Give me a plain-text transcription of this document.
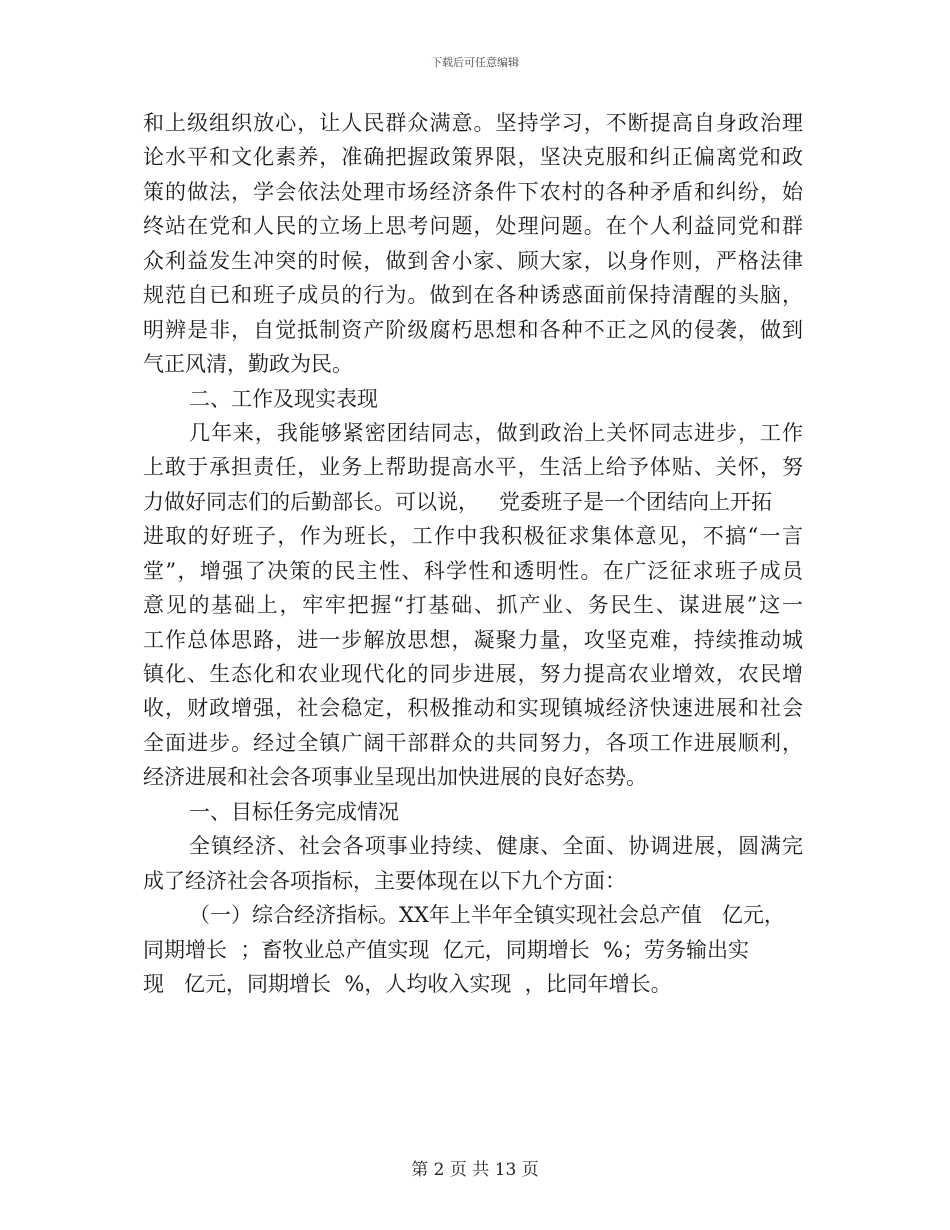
下载后可任意编辑
和上级组织放心，让人民群众满意。坚持学习，不断提高自身政治理
论水平和文化素养，准确把握政策界限，坚决克服和纠正偏离党和政
策的做法，学会依法处理市场经济条件下农村的各种矛盾和纠纷，始
终站在党和人民的立场上思考问题，处理问题。在个人利益同党和群
众利益发生冲突的时候，做到舍小家、顾大家，以身作则，严格法律
规范自已和班子成员的行为。做到在各种诱惑面前保持清醒的头脑，
明辨是非，自觉抵制资产阶级腐朽思想和各种不正之风的侵袭，做到
气正风清，勤政为民。
二、工作及现实表现
几年来，我能够紧密团结同志，做到政治上关怀同志进步，工作
上敢于承担责任，业务上帮助提高水平，生活上给予体贴、关怀，努
力做好同志们的后勤部长。可以说，   党委班子是一个团结向上开拓
进取的好班子，作为班长，工作中我积极征求集体意见，不搞“一言
堂”，增强了决策的民主性、科学性和透明性。在广泛征求班子成员
意见的基础上，牢牢把握“打基础、抓产业、务民生、谋进展”这一
工作总体思路，进一步解放思想，凝聚力量，攻坚克难，持续推动城
镇化、生态化和农业现代化的同步进展，努力提高农业增效，农民增
收，财政增强，社会稳定，积极推动和实现镇城经济快速进展和社会
全面进步。经过全镇广阔干部群众的共同努力，各项工作进展顺利，
经济进展和社会各项事业呈现出加快进展的良好态势。
一、目标任务完成情况
全镇经济、社会各项事业持续、健康、全面、协调进展，圆满完
成了经济社会各项指标，主要体现在以下九个方面：
（一）综合经济指标。XX年上半年全镇实现社会总产值   亿元，
同期增长  ；畜牧业总产值实现  亿元，同期增长  %；劳务输出实
现   亿元，同期增长  %，人均收入实现  ，比同年增长。
第 2 页 共 13 页
